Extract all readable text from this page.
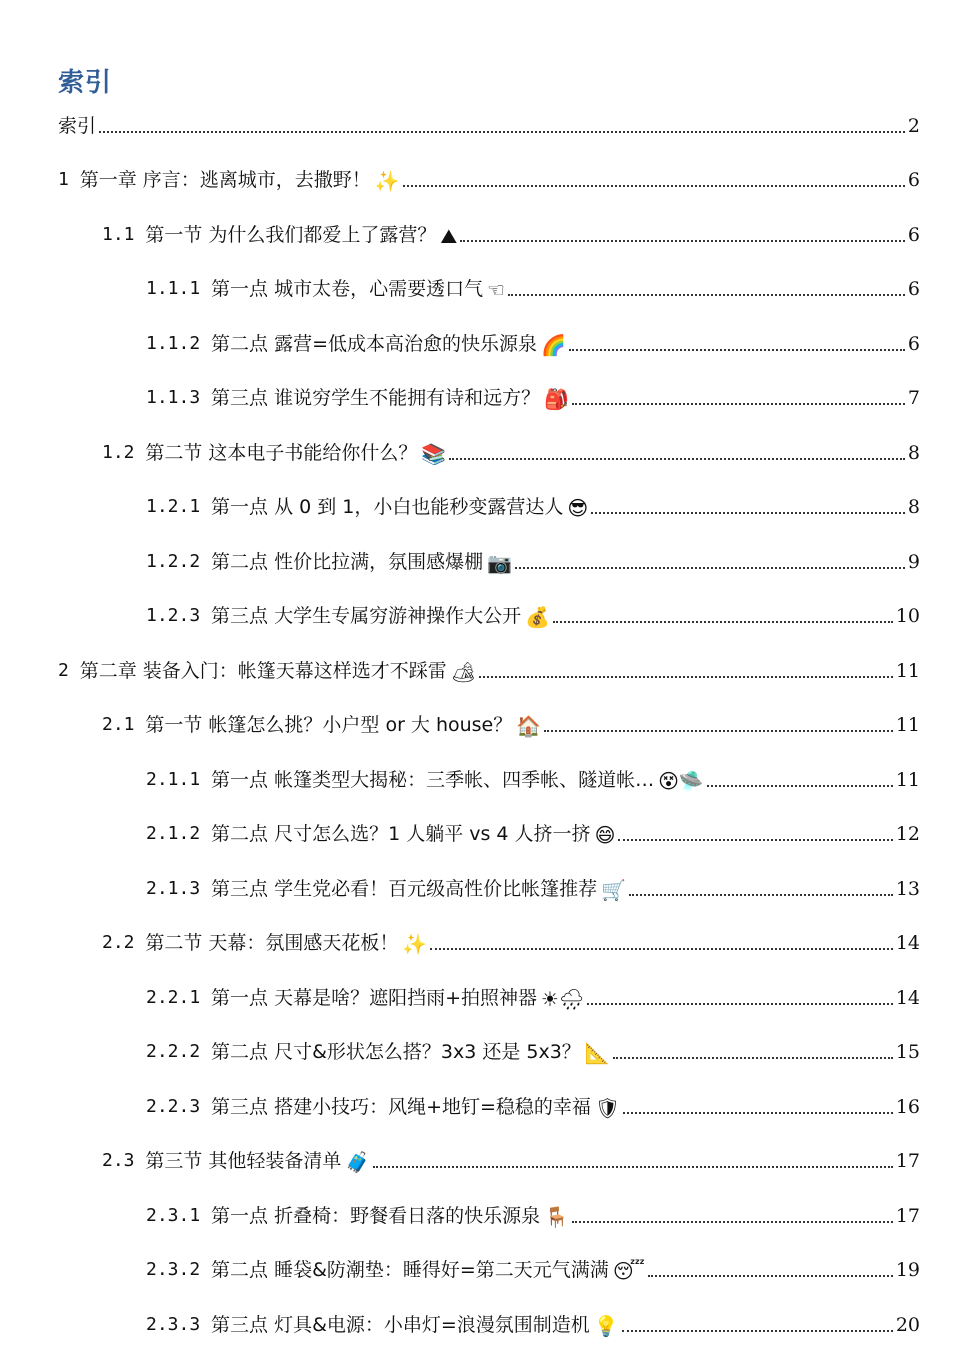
索引
索引	2
1 第一章 序言：逃离城市，去撒野！ ✨	6
1.1 第一节 为什么我们都爱上了露营？ ⛰	6
1.1.1 第一点 城市太卷，心需要透口气 ☜	6
1.1.2 第二点 露营=低成本高治愈的快乐源泉 🌈	6
1.1.3 第三点 谁说穷学生不能拥有诗和远方？ 🎒	7
1.2 第二节 这本电子书能给你什么？ 📚	8
1.2.1 第一点 从 0 到 1，小白也能秒变露营达人 😎	8
1.2.2 第二点 性价比拉满，氛围感爆棚 📷	9
1.2.3 第三点 大学生专属穷游神操作大公开 💰	10
2 第二章 装备入门：帐篷天幕这样选才不踩雷 🏕	11
2.1 第一节 帐篷怎么挑？小户型 or 大 house？ 🏠	11
2.1.1 第一点 帐篷类型大揭秘：三季帐、四季帐、隧道帐… 😵🛸	11
2.1.2 第二点 尺寸怎么选？1 人躺平 vs 4 人挤一挤 😄	12
2.1.3 第三点 学生党必看！百元级高性价比帐篷推荐 🛒	13
2.2 第二节 天幕：氛围感天花板！ ✨	14
2.2.1 第一点 天幕是啥？遮阳挡雨+拍照神器 ☀🌧	14
2.2.2 第二点 尺寸&形状怎么搭？3x3 还是 5x3？ 📐	15
2.2.3 第三点 搭建小技巧：风绳+地钉=稳稳的幸福 🛡	16
2.3 第三节 其他轻装备清单 🧳	17
2.3.1 第一点 折叠椅：野餐看日落的快乐源泉 🪑	17
2.3.2 第二点 睡袋&防潮垫：睡得好=第二天元气满满 😴	19
2.3.3 第三点 灯具&电源：小串灯=浪漫氛围制造机 💡	20
